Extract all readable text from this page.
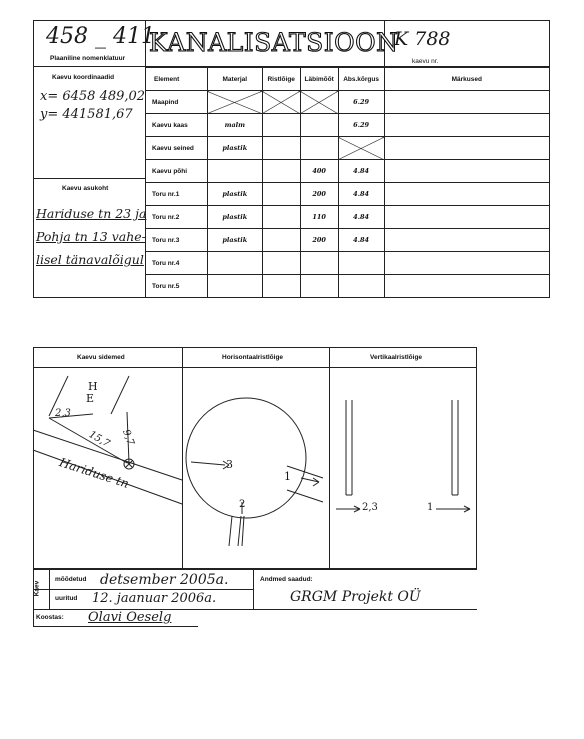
458 _ 411
Plaaniline nomenklatuur
KANALISATSIOON
K 788
kaevu nr.
Kaevu koordinaadid
x= 6458 489,02
y= 441581,67
Kaevu asukoht
Hariduse tn 23 ja
Pohja tn 13 vahe-
lisel tänavalõigul
Element	Materjal	Ristlõige	Läbimõõt	Abs.kõrgus	Märkused
Maapind				6.29	
Kaevu kaas	malm			6.29	
Kaevu seined	plastik				
Kaevu põhi			400	4.84	
Toru nr.1	plastik		200	4.84	
Toru nr.2	plastik		110	4.84	
Toru nr.3	plastik		200	4.84	
Toru nr.4					
Toru nr.5					
Kaevu sidemed	Horisontaalristlõige	Vertikaalristlõige
H
E
2,3
15,7 9,7
Hariduse tn	3
1
2	2,3	1
Kaev
mõõdetud detsember 2005a.
uuritud 12. jaanuar 2006a.
Andmed saadud:
GRGM Projekt OÜ
Koostas: Olavi Oeselg
